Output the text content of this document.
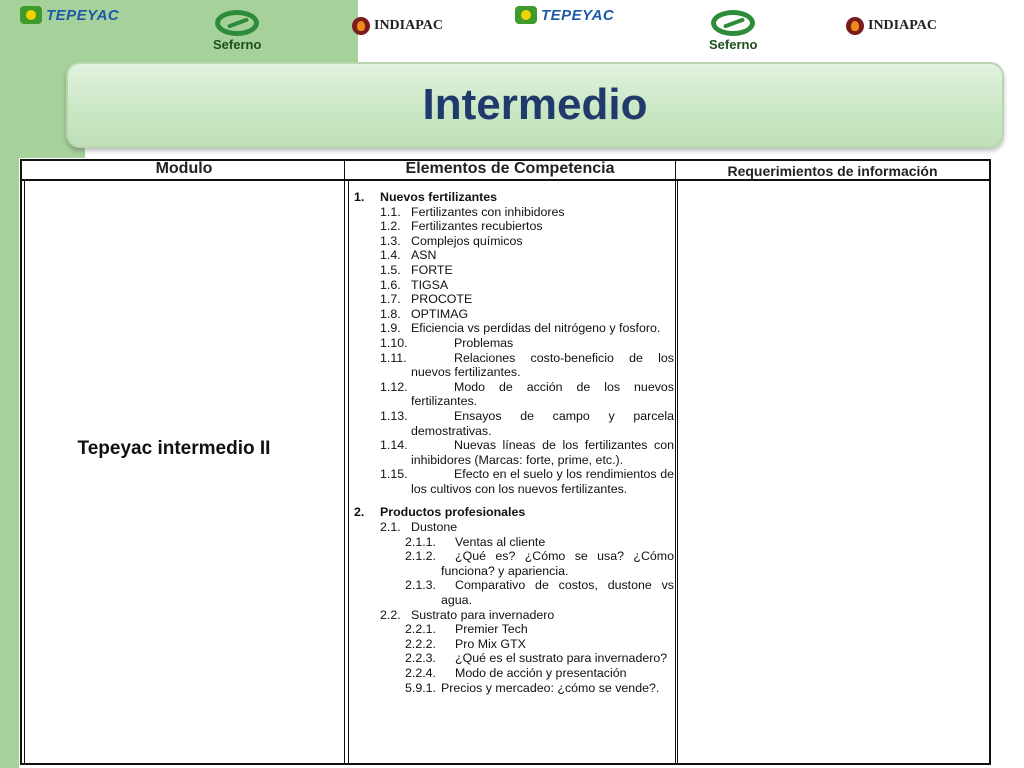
TEPEYAC
Seferno
INDIAPAC
TEPEYAC
Seferno
INDIAPAC
Intermedio
Modulo	Elementos de Competencia	Requerimientos de información
Tepeyac intermedio II
1. Nuevos fertilizantes
1.1. Fertilizantes con inhibidores
1.2. Fertilizantes recubiertos
1.3. Complejos químicos
1.4. ASN
1.5. FORTE
1.6. TIGSA
1.7. PROCOTE
1.8. OPTIMAG
1.9. Eficiencia vs perdidas del nitrógeno y fosforo.
1.10.	Problemas
1.11.	Relaciones costo-beneficio de los nuevos fertilizantes.
1.12.	Modo de acción de los nuevos fertilizantes.
1.13.	Ensayos de campo y parcela demostrativas.
1.14.	Nuevas líneas de los fertilizantes con inhibidores (Marcas: forte, prime, etc.).
1.15.	Efecto en el suelo y los rendimientos de los cultivos con los nuevos fertilizantes.
2. Productos profesionales
2.1. Dustone
2.1.1. Ventas al cliente
2.1.2.	¿Qué es? ¿Cómo se usa? ¿Cómo funciona? y apariencia.
2.1.3.	Comparativo de costos, dustone vs agua.
2.2. Sustrato para invernadero
2.2.1. Premier Tech
2.2.2. Pro Mix GTX
2.2.3.	¿Qué es el sustrato para invernadero?
2.2.4. Modo de acción y presentación
5.9.1. Precios y mercadeo: ¿cómo se vende?.
